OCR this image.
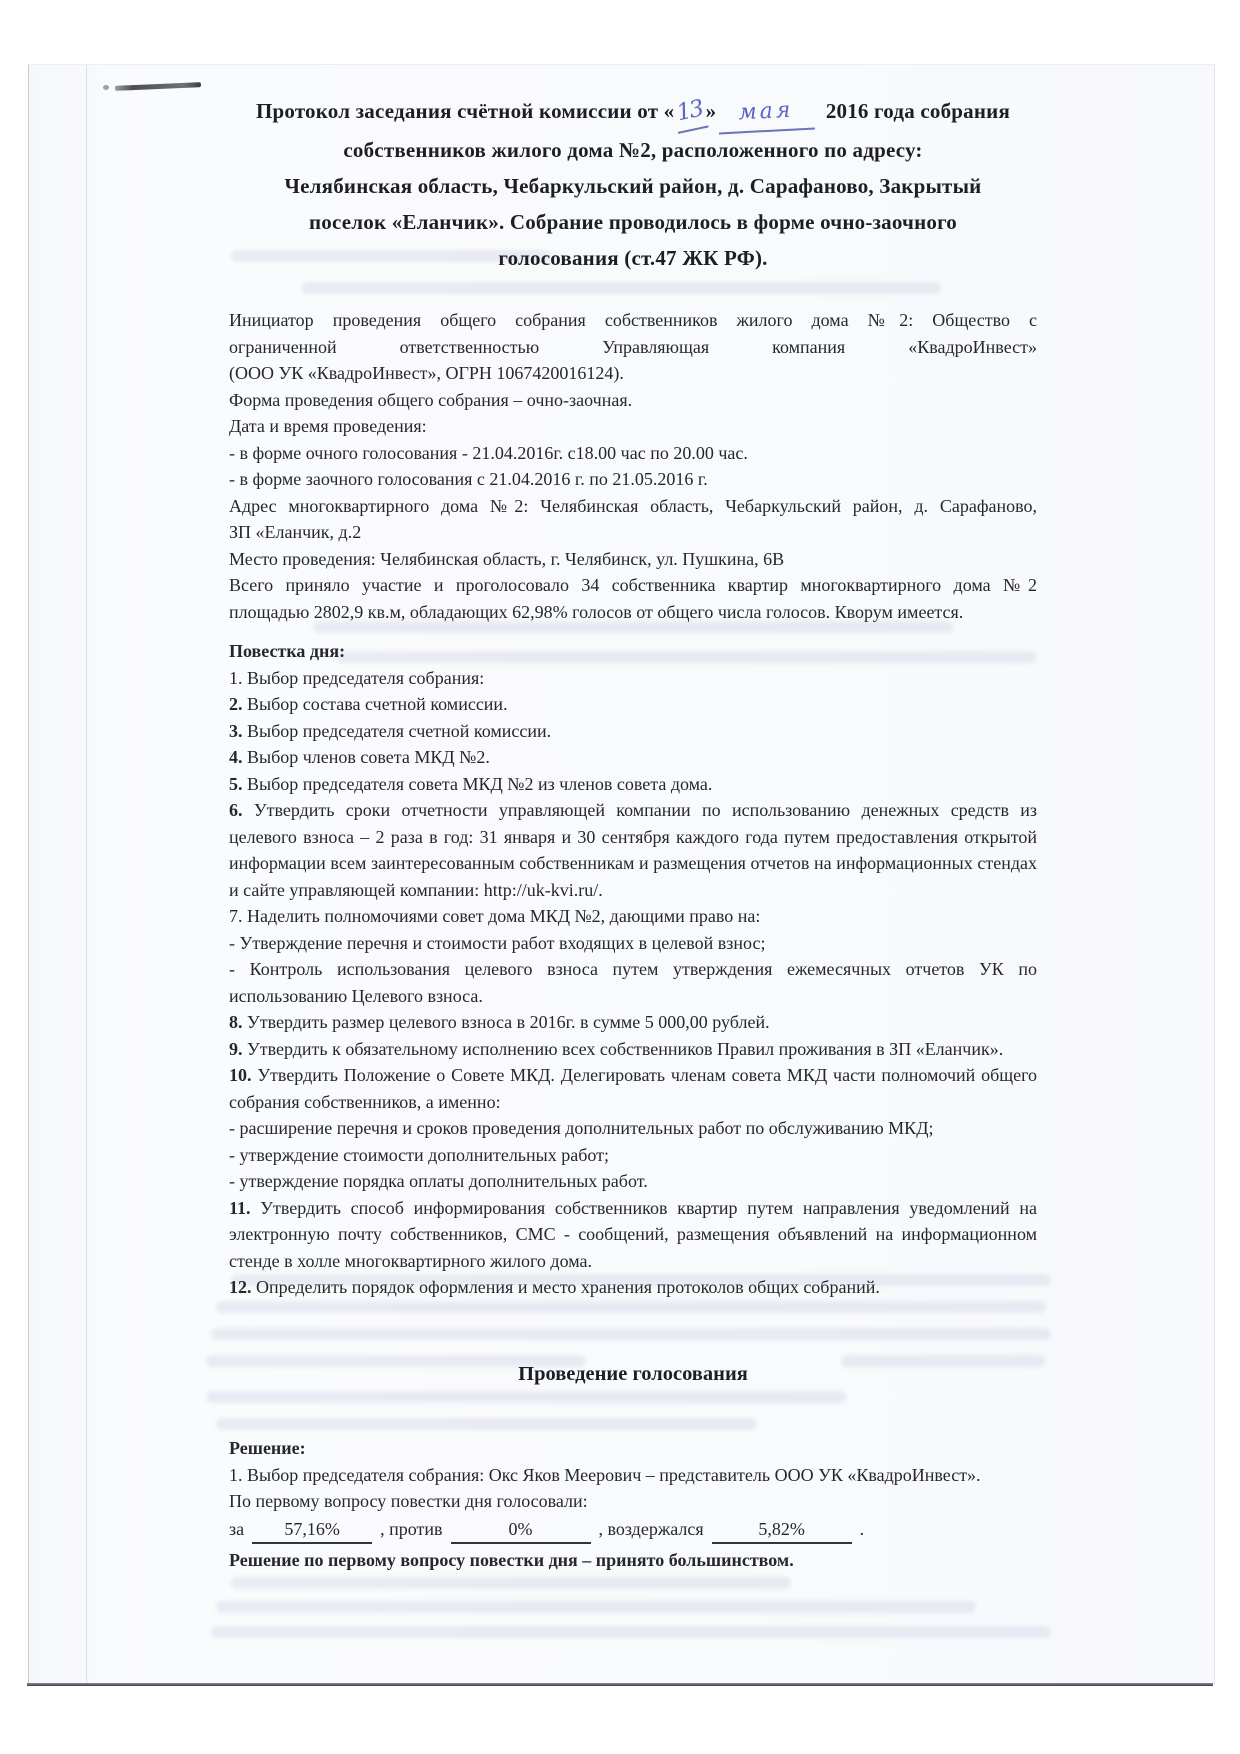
Протокол заседания счётной комиссии от «13» мая 2016 года собрания
собственников жилого дома №2, расположенного по адресу:
Челябинская область, Чебаркульский район, д. Сарафаново, Закрытый
поселок «Еланчик». Собрание проводилось в форме очно-заочного
голосования (ст.47 ЖК РФ).

Инициатор проведения общего собрания собственников жилого дома №2: Общество с

ограниченной ответственностью Управляющая компания «КвадроИнвест»

(ООО УК «КвадроИнвест», ОГРН 1067420016124).

Форма проведения общего собрания – очно-заочная.

Дата и время проведения:

- в форме очного голосования - 21.04.2016г. с18.00 час по 20.00 час.

- в форме заочного голосования с 21.04.2016 г. по 21.05.2016 г.

Адрес многоквартирного дома №2: Челябинская область, Чебаркульский район, д. Сарафаново,

ЗП «Еланчик, д.2

Место проведения: Челябинская область, г. Челябинск, ул. Пушкина, 6В

Всего приняло участие и проголосовало 34 собственника квартир многоквартирного дома №2

площадью 2802,9 кв.м, обладающих 62,98% голосов от общего числа голосов. Кворум имеется.

Повестка дня:

1. Выбор председателя собрания:

2. Выбор состава счетной комиссии.

3. Выбор председателя счетной комиссии.

4. Выбор членов совета МКД №2.

5. Выбор председателя совета МКД №2 из членов совета дома.

6. Утвердить сроки отчетности управляющей компании по использованию денежных средств из целевого взноса – 2 раза в год: 31 января и 30 сентября каждого года путем предоставления открытой информации всем заинтересованным собственникам и размещения отчетов на информационных стендах и сайте управляющей компании: http://uk-kvi.ru/.

7. Наделить полномочиями совет дома МКД №2, дающими право на:

- Утверждение перечня и стоимости работ входящих в целевой взнос;

- Контроль использования целевого взноса путем утверждения ежемесячных отчетов УК по использованию Целевого взноса.

8. Утвердить размер целевого взноса в 2016г. в сумме 5 000,00 рублей.

9. Утвердить к обязательному исполнению всех собственников Правил проживания в ЗП «Еланчик».

10. Утвердить Положение о Совете МКД. Делегировать членам совета МКД части полномочий общего собрания собственников, а именно:

- расширение перечня и сроков проведения дополнительных работ по обслуживанию МКД;

- утверждение стоимости дополнительных работ;

- утверждение порядка оплаты дополнительных работ.

11. Утвердить способ информирования собственников квартир путем направления уведомлений на электронную почту собственников, СМС - сообщений, размещения объявлений на информационном стенде в холле многоквартирного жилого дома.

12. Определить порядок оформления и место хранения протоколов общих собраний.

Проведение голосования

Решение:

1. Выбор председателя собрания: Окс Яков Меерович – представитель ООО УК «КвадроИнвест».

По первому вопросу повестки дня голосовали:

за 57,16% , против	0%	, воздержался	5,82%	.

Решение по первому вопросу повестки дня – принято большинством.
